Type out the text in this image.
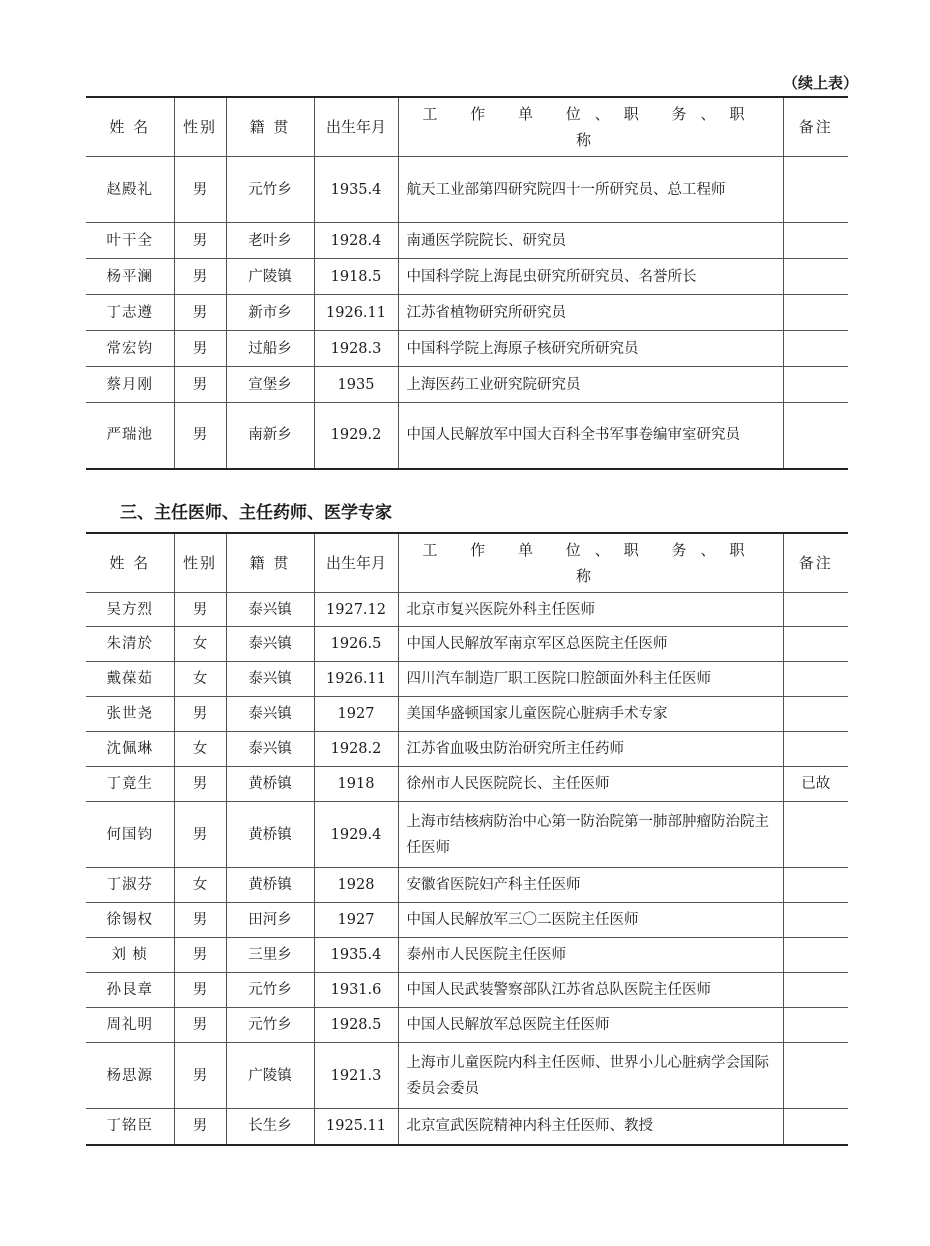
（续上表）
姓 名	性别	籍 贯	出生年月	工 作 单 位、职 务、职 称	备注
赵殿礼	男	元竹乡	1935.4	航天工业部第四研究院四十一所研究员、总工程师	
叶干全	男	老叶乡	1928.4	南通医学院院长、研究员	
杨平澜	男	广陵镇	1918.5	中国科学院上海昆虫研究所研究员、名誉所长	
丁志遵	男	新市乡	1926.11	江苏省植物研究所研究员	
常宏钧	男	过船乡	1928.3	中国科学院上海原子核研究所研究员	
蔡月刚	男	宣堡乡	1935	上海医药工业研究院研究员	
严瑞池	男	南新乡	1929.2	中国人民解放军中国大百科全书军事卷编审室研究员	
三、主任医师、主任药师、医学专家
姓 名	性别	籍 贯	出生年月	工 作 单 位、职 务、职 称	备注
吴方烈	男	泰兴镇	1927.12	北京市复兴医院外科主任医师	
朱清於	女	泰兴镇	1926.5	中国人民解放军南京军区总医院主任医师	
戴葆茹	女	泰兴镇	1926.11	四川汽车制造厂职工医院口腔颌面外科主任医师	
张世尧	男	泰兴镇	1927	美国华盛顿国家儿童医院心脏病手术专家	
沈佩琳	女	泰兴镇	1928.2	江苏省血吸虫防治研究所主任药师	
丁竟生	男	黄桥镇	1918	徐州市人民医院院长、主任医师	已故
何国钧	男	黄桥镇	1929.4	上海市结核病防治中心第一防治院第一肺部肿瘤防治院主任医师	
丁淑芬	女	黄桥镇	1928	安徽省医院妇产科主任医师	
徐锡权	男	田河乡	1927	中国人民解放军三〇二医院主任医师	
刘 桢	男	三里乡	1935.4	泰州市人民医院主任医师	
孙艮章	男	元竹乡	1931.6	中国人民武装警察部队江苏省总队医院主任医师	
周礼明	男	元竹乡	1928.5	中国人民解放军总医院主任医师	
杨思源	男	广陵镇	1921.3	上海市儿童医院内科主任医师、世界小儿心脏病学会国际委员会委员	
丁铭臣	男	长生乡	1925.11	北京宣武医院精神内科主任医师、教授	
